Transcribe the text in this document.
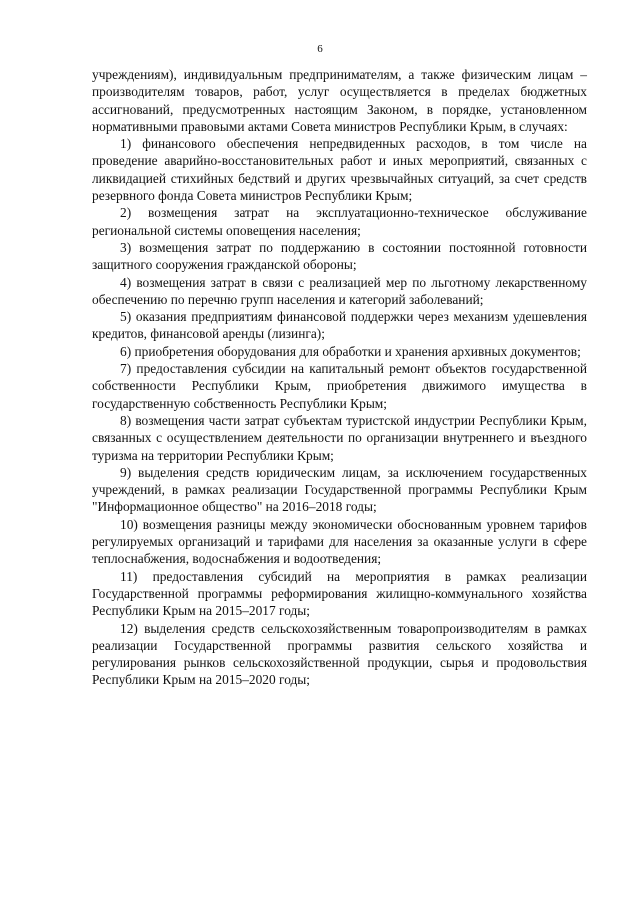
6

учреждениям), индивидуальным предпринимателям, а также физическим лицам – производителям товаров, работ, услуг осуществляется в пределах бюджетных ассигнований, предусмотренных настоящим Законом, в порядке, установленном нормативными правовыми актами Совета министров Республики Крым, в случаях:

1) финансового обеспечения непредвиденных расходов, в том числе на проведение аварийно-восстановительных работ и иных мероприятий, связанных с ликвидацией стихийных бедствий и других чрезвычайных ситуаций, за счет средств резервного фонда Совета министров Республики Крым;

2) возмещения затрат на эксплуатационно-техническое обслуживание региональной системы оповещения населения;

3) возмещения затрат по поддержанию в состоянии постоянной готовности защитного сооружения гражданской обороны;

4) возмещения затрат в связи с реализацией мер по льготному лекарственному обеспечению по перечню групп населения и категорий заболеваний;

5) оказания предприятиям финансовой поддержки через механизм удешевления кредитов, финансовой аренды (лизинга);

6) приобретения оборудования для обработки и хранения архивных документов;

7) предоставления субсидии на капитальный ремонт объектов государственной собственности Республики Крым, приобретения движимого имущества в государственную собственность Республики Крым;

8) возмещения части затрат субъектам туристской индустрии Республики Крым, связанных с осуществлением деятельности по организации внутреннего и въездного туризма на территории Республики Крым;

9) выделения средств юридическим лицам, за исключением государственных учреждений, в рамках реализации Государственной программы Республики Крым "Информационное общество" на 2016–2018 годы;

10) возмещения разницы между экономически обоснованным уровнем тарифов регулируемых организаций и тарифами для населения за оказанные услуги в сфере теплоснабжения, водоснабжения и водоотведения;

11) предоставления субсидий на мероприятия в рамках реализации Государственной программы реформирования жилищно-коммунального хозяйства Республики Крым на 2015–2017 годы;

12) выделения средств сельскохозяйственным товаропроизводителям в рамках реализации Государственной программы развития сельского хозяйства и регулирования рынков сельскохозяйственной продукции, сырья и продовольствия Республики Крым на 2015–2020 годы;
